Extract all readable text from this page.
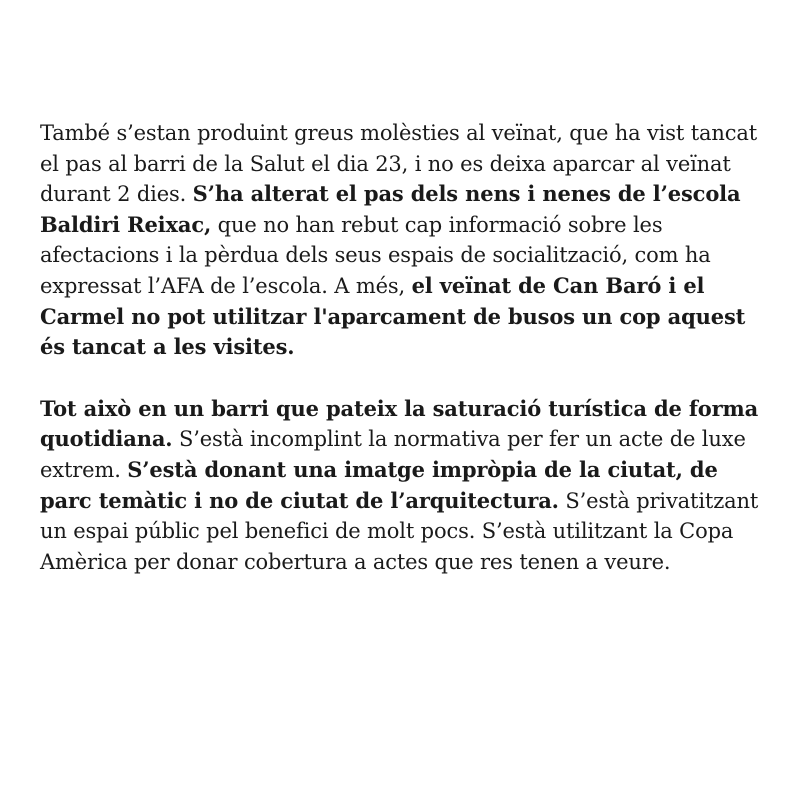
També s’estan produint greus molèsties al veïnat, que ha vist tancat el pas al barri de la Salut el dia 23, i no es deixa aparcar al veïnat durant 2 dies. S’ha alterat el pas dels nens i nenes de l’escola Baldiri Reixac, que no han rebut cap informació sobre les afectacions i la pèrdua dels seus espais de socialització, com ha expressat l’AFA de l’escola. A més, el veïnat de Can Baró i el Carmel no pot utilitzar l'aparcament de busos un cop aquest és tancat a les visites.

Tot això en un barri que pateix la saturació turística de forma quotidiana. S’està incomplint la normativa per fer un acte de luxe extrem. S’està donant una imatge impròpia de la ciutat, de parc temàtic i no de ciutat de l’arquitectura. S’està privatitzant un espai públic pel benefici de molt pocs. S’està utilitzant la Copa Amèrica per donar cobertura a actes que res tenen a veure.
